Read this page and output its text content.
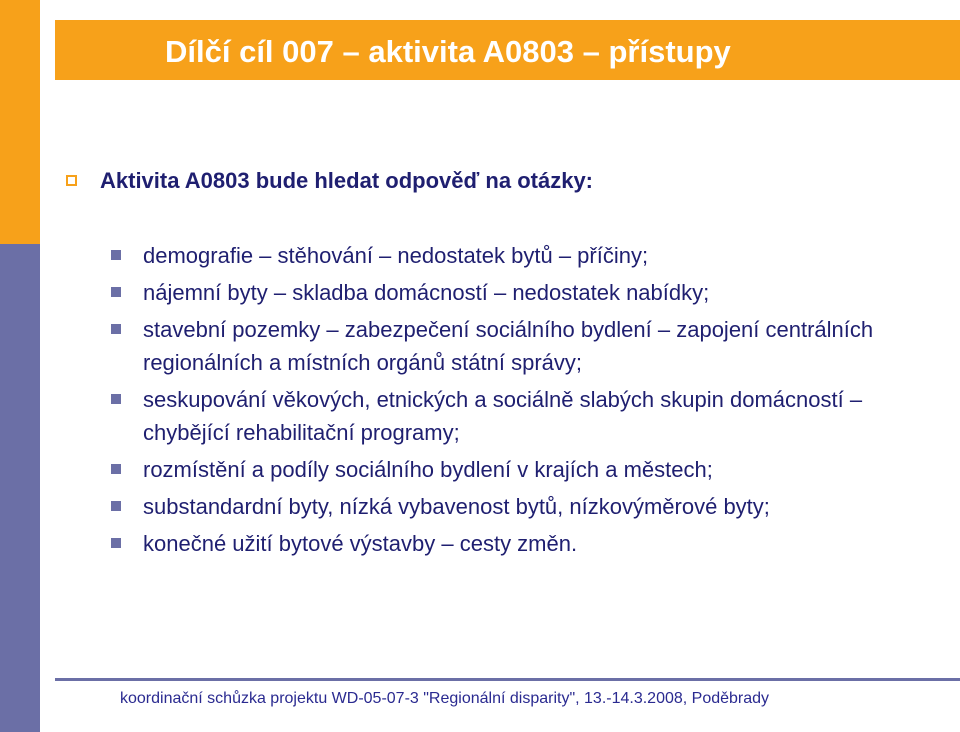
Dílčí cíl 007 – aktivita A0803 – přístupy
Aktivita A0803 bude hledat odpověď na otázky:
demografie – stěhování – nedostatek bytů – příčiny;
nájemní byty – skladba domácností – nedostatek nabídky;
stavební pozemky – zabezpečení sociálního bydlení – zapojení centrálních regionálních a místních orgánů státní správy;
seskupování věkových, etnických a sociálně slabých skupin domácností – chybějící rehabilitační programy;
rozmístění a podíly sociálního bydlení v krajích a městech;
substandardní byty, nízká vybavenost bytů, nízkovýměrové byty;
konečné užití bytové výstavby – cesty změn.

koordinační schůzka projektu WD-05-07-3 "Regionální disparity", 13.-14.3.2008, Poděbrady
